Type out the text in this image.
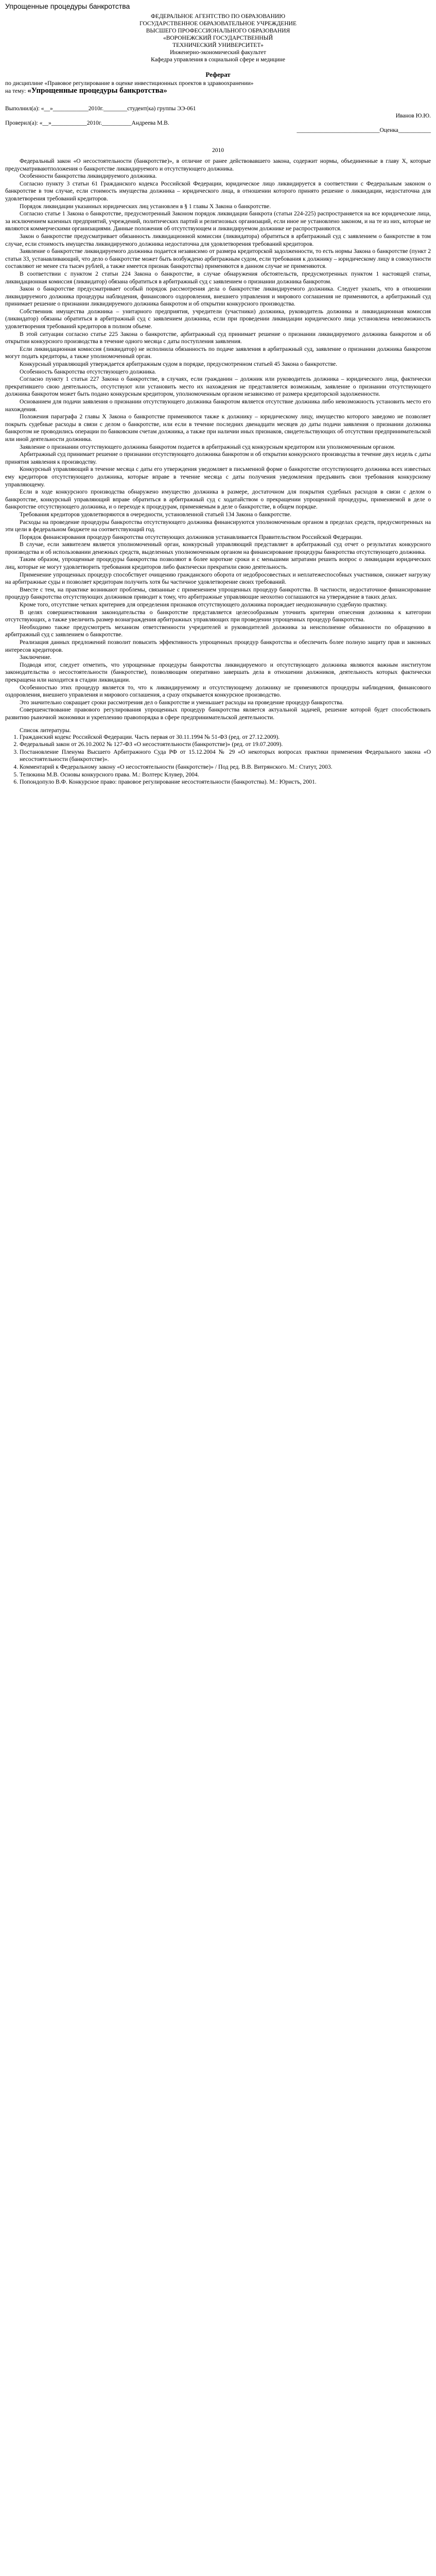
Упрощенные процедуры банкротства
ФЕДЕРАЛЬНОЕ АГЕНТСТВО ПО ОБРАЗОВАНИЮ
ГОСУДАРСТВЕННОЕ ОБРАЗОВАТЕЛЬНОЕ УЧРЕЖДЕНИЕ
ВЫСШЕГО ПРОФЕССИОНАЛЬНОГО ОБРАЗОВАНИЯ
«ВОРОНЕЖСКИЙ ГОСУДАРСТВЕННЫЙ
ТЕХНИЧЕСКИЙ УНИВЕРСИТЕТ»
Инженерно-экономический факультет
Кафедра управления в социальной сфере и медицине
Реферат
по дисциплине «Правовое регулирование в оценке инвестиционных проектов в здравоохранении»
на тему: «Упрощенные процедуры банкротства»
Выполнил(а): «__»____________2010г.________студент(ка) группы ЭЭ-061
Иванов Ю.Ю.
Проверил(а): «__»____________2010г.__________Андреева М.В.
____________________________Оценка___________
2010

Федеральный закон «О несостоятельности (банкротстве)», в отличие от ранее действовавшего закона, содержит нормы, объединенные в главу X, которые предусматриваютположения о банкротстве ликвидируемого и отсутствующего должника.

Особенности банкротства ликвидируемого должника.

Согласно пункту 3 статьи 61 Гражданского кодекса Российской Федерации, юридическое лицо ликвидируется в соответствии с Федеральным законом о банкротстве в том случае, если стоимость имущества должника – юридического лица, в отношении которого принято решение о ликвидации, недостаточна для удовлетворения требований кредиторов.

Порядок ликвидации указанных юридических лиц установлен в § 1 главы X Закона о банкротстве.

Согласно статье 1 Закона о банкротстве, предусмотренный Законом порядок ликвидации банкрота (статьи 224-225) распространяется на все юридические лица, за исключением казенных предприятий, учреждений, политических партий и религиозных организаций, если иное не установлено законом, и на те из них, которые не являются коммерческими организациями. Данные положения об отсутствующем и ликвидируемом должнике не распространяются.

Закон о банкротстве предусматривает обязанность ликвидационной комиссии (ликвидатора) обратиться в арбитражный суд с заявлением о банкротстве в том случае, если стоимость имущества ликвидируемого должника недостаточна для удовлетворения требований кредиторов.

Заявление о банкротстве ликвидируемого должника подается независимо от размера кредиторской задолженности, то есть нормы Закона о банкротстве (пункт 2 статьи 33, устанавливающий, что дело о банкротстве может быть возбуждено арбитражным судом, если требования к должнику – юридическому лицу в совокупности составляют не менее ста тысяч рублей, а также имеется признак банкротства) применяются в данном случае не применяются.

В соответствии с пунктом 2 статьи 224 Закона о банкротстве, в случае обнаружения обстоятельств, предусмотренных пунктом 1 настоящей статьи, ликвидационная комиссия (ликвидатор) обязана обратиться в арбитражный суд с заявлением о признании должника банкротом.

Закон о банкротстве предусматривает особый порядок рассмотрения дела о банкротстве ликвидируемого должника. Следует указать, что в отношении ликвидируемого должника процедуры наблюдения, финансового оздоровления, внешнего управления и мирового соглашения не применяются, а арбитражный суд принимает решение о признании ликвидируемого должника банкротом и об открытии конкурсного производства.

Собственник имущества должника – унитарного предприятия, учредители (участники) должника, руководитель должника и ликвидационная комиссия (ликвидатор) обязаны обратиться в арбитражный суд с заявлением должника, если при проведении ликвидации юридического лица установлена невозможность удовлетворения требований кредиторов в полном объеме.

В этой ситуации согласно статье 225 Закона о банкротстве, арбитражный суд принимает решение о признании ликвидируемого должника банкротом и об открытии конкурсного производства в течение одного месяца с даты поступления заявления.

Если ликвидационная комиссия (ликвидатор) не исполнила обязанность по подаче заявления в арбитражный суд, заявление о признании должника банкротом могут подать кредиторы, а также уполномоченный орган.

Конкурсный управляющий утверждается арбитражным судом в порядке, предусмотренном статьей 45 Закона о банкротстве.

Особенность банкротства отсутствующего должника.

Согласно пункту 1 статьи 227 Закона о банкротстве, в случаях, если гражданин – должник или руководитель должника – юридического лица, фактически прекратившего свою деятельность, отсутствуют или установить место их нахождения не представляется возможным, заявление о признании отсутствующего должника банкротом может быть подано конкурсным кредитором, уполномоченным органом независимо от размера кредиторской задолженности.

Основанием для подачи заявления о признании отсутствующего должника банкротом является отсутствие должника либо невозможность установить место его нахождения.

Положения параграфа 2 главы X Закона о банкротстве применяются также к должнику – юридическому лицу, имущество которого заведомо не позволяет покрыть судебные расходы в связи с делом о банкротстве, или если в течение последних двенадцати месяцев до даты подачи заявления о признании должника банкротом не проводились операции по банковским счетам должника, а также при наличии иных признаков, свидетельствующих об отсутствии предпринимательской или иной деятельности должника.

Заявление о признании отсутствующего должника банкротом подается в арбитражный суд конкурсным кредитором или уполномоченным органом.

Арбитражный суд принимает решение о признании отсутствующего должника банкротом и об открытии конкурсного производства в течение двух недель с даты принятия заявления к производству.

Конкурсный управляющий в течение месяца с даты его утверждения уведомляет в письменной форме о банкротстве отсутствующего должника всех известных ему кредиторов отсутствующего должника, которые вправе в течение месяца с даты получения уведомления предъявить свои требования конкурсному управляющему.

Если в ходе конкурсного производства обнаружено имущество должника в размере, достаточном для покрытия судебных расходов в связи с делом о банкротстве, конкурсный управляющий вправе обратиться в арбитражный суд с ходатайством о прекращении упрощенной процедуры, применяемой в деле о банкротстве отсутствующего должника, и о переходе к процедурам, применяемым в деле о банкротстве, в общем порядке.

Требования кредиторов удовлетворяются в очередности, установленной статьей 134 Закона о банкротстве.

Расходы на проведение процедуры банкротства отсутствующего должника финансируются уполномоченным органом в пределах средств, предусмотренных на эти цели в федеральном бюджете на соответствующий год.

Порядок финансирования процедур банкротства отсутствующих должников устанавливается Правительством Российской Федерации.

В случае, если заявителем является уполномоченный орган, конкурсный управляющий представляет в арбитражный суд отчет о результатах конкурсного производства и об использовании денежных средств, выделенных уполномоченным органом на финансирование процедуры банкротства отсутствующего должника.

Таким образом, упрощенные процедуры банкротства позволяют в более короткие сроки и с меньшими затратами решить вопрос о ликвидации юридических лиц, которые не могут удовлетворить требования кредиторов либо фактически прекратили свою деятельность.

Применение упрощенных процедур способствует очищению гражданского оборота от недобросовестных и неплатежеспособных участников, снижает нагрузку на арбитражные суды и позволяет кредиторам получить хотя бы частичное удовлетворение своих требований.

Вместе с тем, на практике возникают проблемы, связанные с применением упрощенных процедур банкротства. В частности, недостаточное финансирование процедур банкротства отсутствующих должников приводит к тому, что арбитражные управляющие неохотно соглашаются на утверждение в таких делах.

Кроме того, отсутствие четких критериев для определения признаков отсутствующего должника порождает неоднозначную судебную практику.

В целях совершенствования законодательства о банкротстве представляется целесообразным уточнить критерии отнесения должника к категории отсутствующих, а также увеличить размер вознаграждения арбитражных управляющих при проведении упрощенных процедур банкротства.

Необходимо также предусмотреть механизм ответственности учредителей и руководителей должника за неисполнение обязанности по обращению в арбитражный суд с заявлением о банкротстве.

Реализация данных предложений позволит повысить эффективность упрощенных процедур банкротства и обеспечить более полную защиту прав и законных интересов кредиторов.

Заключение.

Подводя итог, следует отметить, что упрощенные процедуры банкротства ликвидируемого и отсутствующего должника являются важным институтом законодательства о несостоятельности (банкротстве), позволяющим оперативно завершать дела в отношении должников, деятельность которых фактически прекращена или находится в стадии ликвидации.

Особенностью этих процедур является то, что к ликвидируемому и отсутствующему должнику не применяются процедуры наблюдения, финансового оздоровления, внешнего управления и мирового соглашения, а сразу открывается конкурсное производство.

Это значительно сокращает сроки рассмотрения дел о банкротстве и уменьшает расходы на проведение процедур банкротства.

Совершенствование правового регулирования упрощенных процедур банкротства является актуальной задачей, решение которой будет способствовать развитию рыночной экономики и укреплению правопорядка в сфере предпринимательской деятельности.

Список литературы.
1. Гражданский кодекс Российской Федерации. Часть первая от 30.11.1994 № 51-ФЗ (ред. от 27.12.2009).
2. Федеральный закон от 26.10.2002 № 127-ФЗ «О несостоятельности (банкротстве)» (ред. от 19.07.2009).
3. Постановление Пленума Высшего Арбитражного Суда РФ от 15.12.2004 № 29 «О некоторых вопросах практики применения Федерального закона «О несостоятельности (банкротстве)».
4. Комментарий к Федеральному закону «О несостоятельности (банкротстве)» / Под ред. В.В. Витрянского. М.: Статут, 2003.
5. Телюкина М.В. Основы конкурсного права. М.: Волтерс Клувер, 2004.
6. Попондопуло В.Ф. Конкурсное право: правовое регулирование несостоятельности (банкротства). М.: Юристъ, 2001.
